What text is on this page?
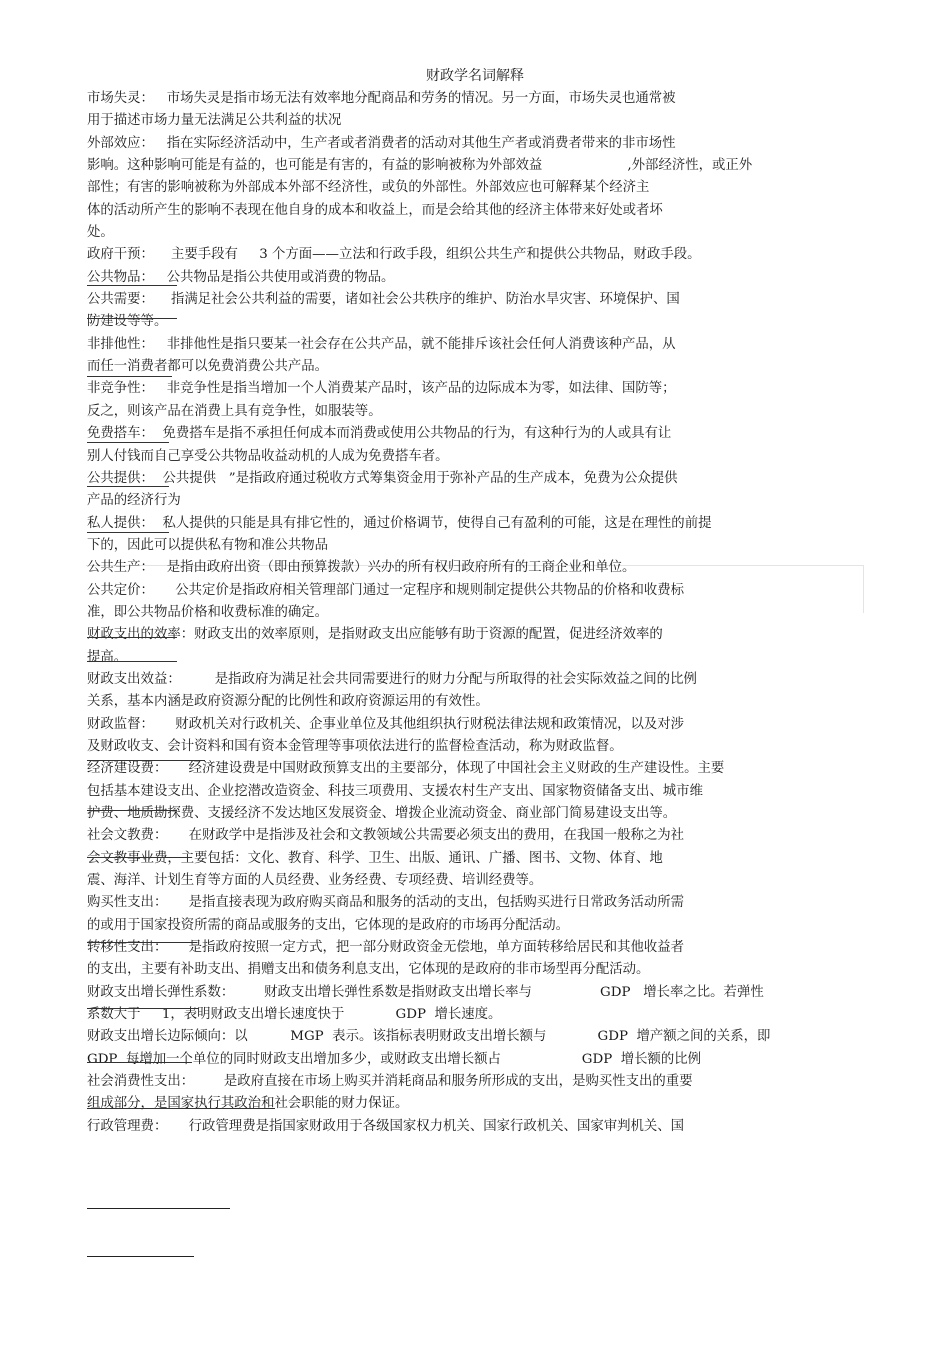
财政学名词解释
市场失灵：   市场失灵是指市场无法有效率地分配商品和劳务的情况。另一方面，市场失灵也通常被
用于描述市场力量无法满足公共利益的状况
外部效应：   指在实际经济活动中，生产者或者消费者的活动对其他生产者或消费者带来的非市场性
影响。这种影响可能是有益的，也可能是有害的，有益的影响被称为外部效益                    ,外部经济性，或正外
部性；有害的影响被称为外部成本外部不经济性，或负的外部性。外部效应也可解释某个经济主
体的活动所产生的影响不表现在他自身的成本和收益上，而是会给其他的经济主体带来好处或者坏
处。
政府干预：    主要手段有     3 个方面——立法和行政手段，组织公共生产和提供公共物品，财政手段。
公共物品：   公共物品是指公共使用或消费的物品。
公共需要：    指满足社会公共利益的需要，诸如社会公共秩序的维护、防治水旱灾害、环境保护、国
防建设等等。
非排他性：   非排他性是指只要某一社会存在公共产品，就不能排斥该社会任何人消费该种产品，从
而任一消费者都可以免费消费公共产品。
非竞争性：   非竞争性是指当增加一个人消费某产品时，该产品的边际成本为零，如法律、国防等；
反之，则该产品在消费上具有竞争性，如服装等。
免费搭车：  免费搭车是指不承担任何成本而消费或使用公共物品的行为，有这种行为的人或具有让
别人付钱而自己享受公共物品收益动机的人成为免费搭车者。
公共提供：  公共提供   ”是指政府通过税收方式筹集资金用于弥补产品的生产成本，免费为公众提供
产品的经济行为
私人提供：  私人提供的只能是具有排它性的，通过价格调节，使得自己有盈利的可能，这是在理性的前提
下的，因此可以提供私有物和准公共物品
公共生产：   是指由政府出资（即由预算拨款）兴办的所有权归政府所有的工商企业和单位。
公共定价：     公共定价是指政府相关管理部门通过一定程序和规则制定提供公共物品的价格和收费标
准，即公共物品价格和收费标准的确定。
财政支出的效率：财政支出的效率原则，是指财政支出应能够有助于资源的配置，促进经济效率的
提高。
财政支出效益：        是指政府为满足社会共同需要进行的财力分配与所取得的社会实际效益之间的比例
关系，基本内涵是政府资源分配的比例性和政府资源运用的有效性。
财政监督：     财政机关对行政机关、企事业单位及其他组织执行财税法律法规和政策情况，以及对涉
及财政收支、会计资料和国有资本金管理等事项依法进行的监督检查活动，称为财政监督。
经济建设费：     经济建设费是中国财政预算支出的主要部分，体现了中国社会主义财政的生产建设性。主要
包括基本建设支出、企业挖潜改造资金、科技三项费用、支援农村生产支出、国家物资储备支出、城市维
护费、地质勘探费、支援经济不发达地区发展资金、增拨企业流动资金、商业部门简易建设支出等。
社会文教费：     在财政学中是指涉及社会和文教领域公共需要必须支出的费用，在我国一般称之为社
会文教事业费，主要包括：文化、教育、科学、卫生、出版、通讯、广播、图书、文物、体育、地
震、海洋、计划生育等方面的人员经费、业务经费、专项经费、培训经费等。
购买性支出：     是指直接表现为政府购买商品和服务的活动的支出，包括购买进行日常政务活动所需
的或用于国家投资所需的商品或服务的支出，它体现的是政府的市场再分配活动。
转移性支出：     是指政府按照一定方式，把一部分财政资金无偿地，单方面转移给居民和其他收益者
的支出，主要有补助支出、捐赠支出和债务利息支出，它体现的是政府的非市场型再分配活动。
财政支出增长弹性系数：       财政支出增长弹性系数是指财政支出增长率与                GDP   增长率之比。若弹性
系数大于     1，表明财政支出增长速度快于            GDP  增长速度。
财政支出增长边际倾向：以          MGP  表示。该指标表明财政支出增长额与            GDP  增产额之间的关系，即
GDP  每增加一个单位的同时财政支出增加多少，或财政支出增长额占                   GDP  增长额的比例
社会消费性支出：       是政府直接在市场上购买并消耗商品和服务所形成的支出，是购买性支出的重要
组成部分，是国家执行其政治和社会职能的财力保证。
行政管理费：     行政管理费是指国家财政用于各级国家权力机关、国家行政机关、国家审判机关、国
